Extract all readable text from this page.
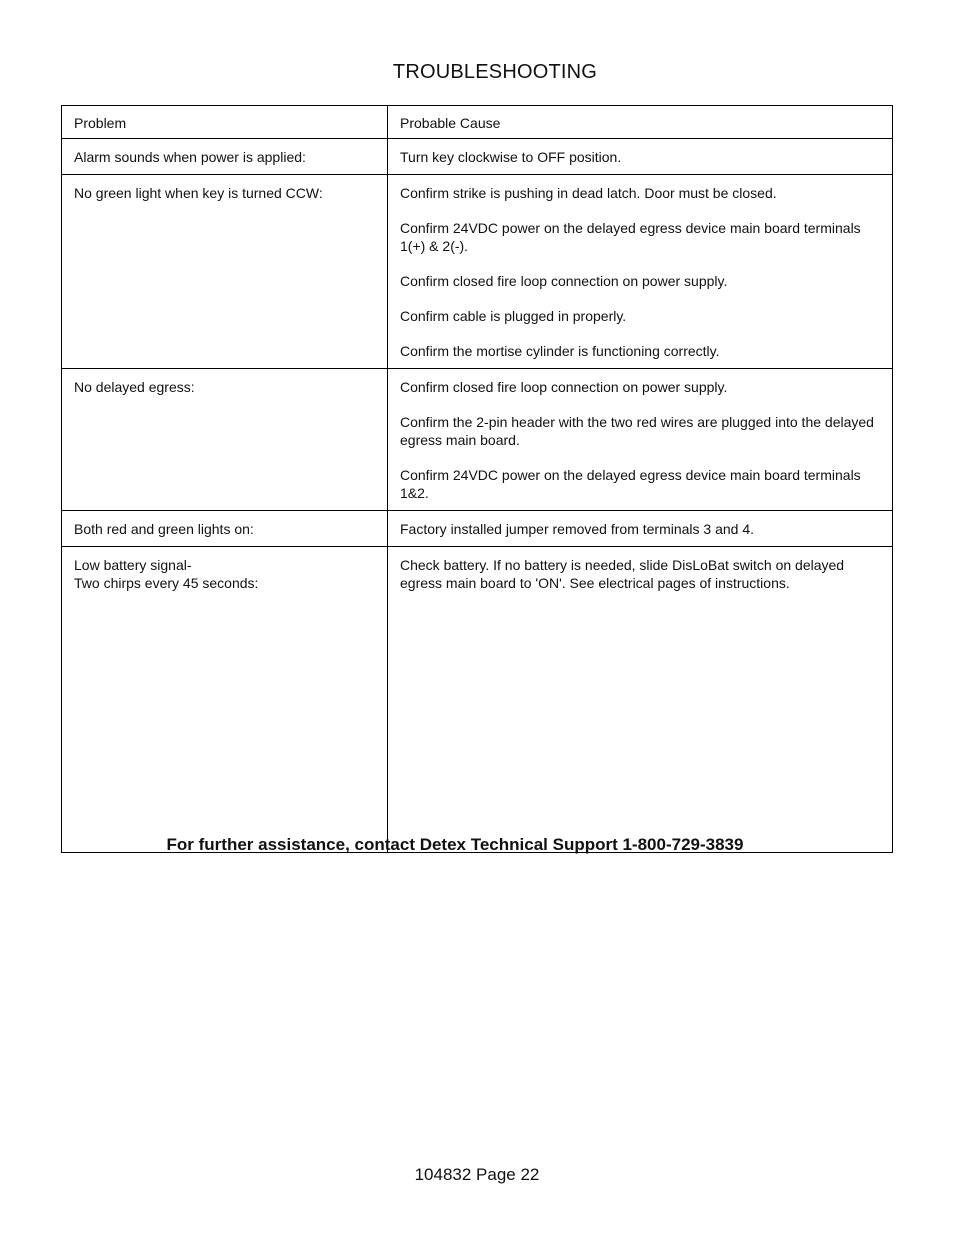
TROUBLESHOOTING
Problem	Probable Cause

Alarm sounds when power is applied:	Turn key clockwise to OFF position.

No green light when key is turned CCW:	Confirm strike is pushing in dead latch. Door must be closed.

Confirm 24VDC power on the delayed egress device main board terminals 1(+) & 2(-).

Confirm closed fire loop connection on power supply.

Confirm cable is plugged in properly.

Confirm the mortise cylinder is functioning correctly.

No delayed egress:	Confirm closed fire loop connection on power supply.

Confirm the 2-pin header with the two red wires are plugged into the delayed egress main board.

Confirm 24VDC power on the delayed egress device main board terminals 1&2.

Both red and green lights on:	Factory installed jumper removed from terminals 3 and 4.

Low battery signal-
Two chirps every 45 seconds:	Check battery. If no battery is needed, slide DisLoBat switch on delayed egress main board to 'ON'. See electrical pages of instructions.

For further assistance, contact Detex Technical Support 1-800-729-3839
104832 Page 22
